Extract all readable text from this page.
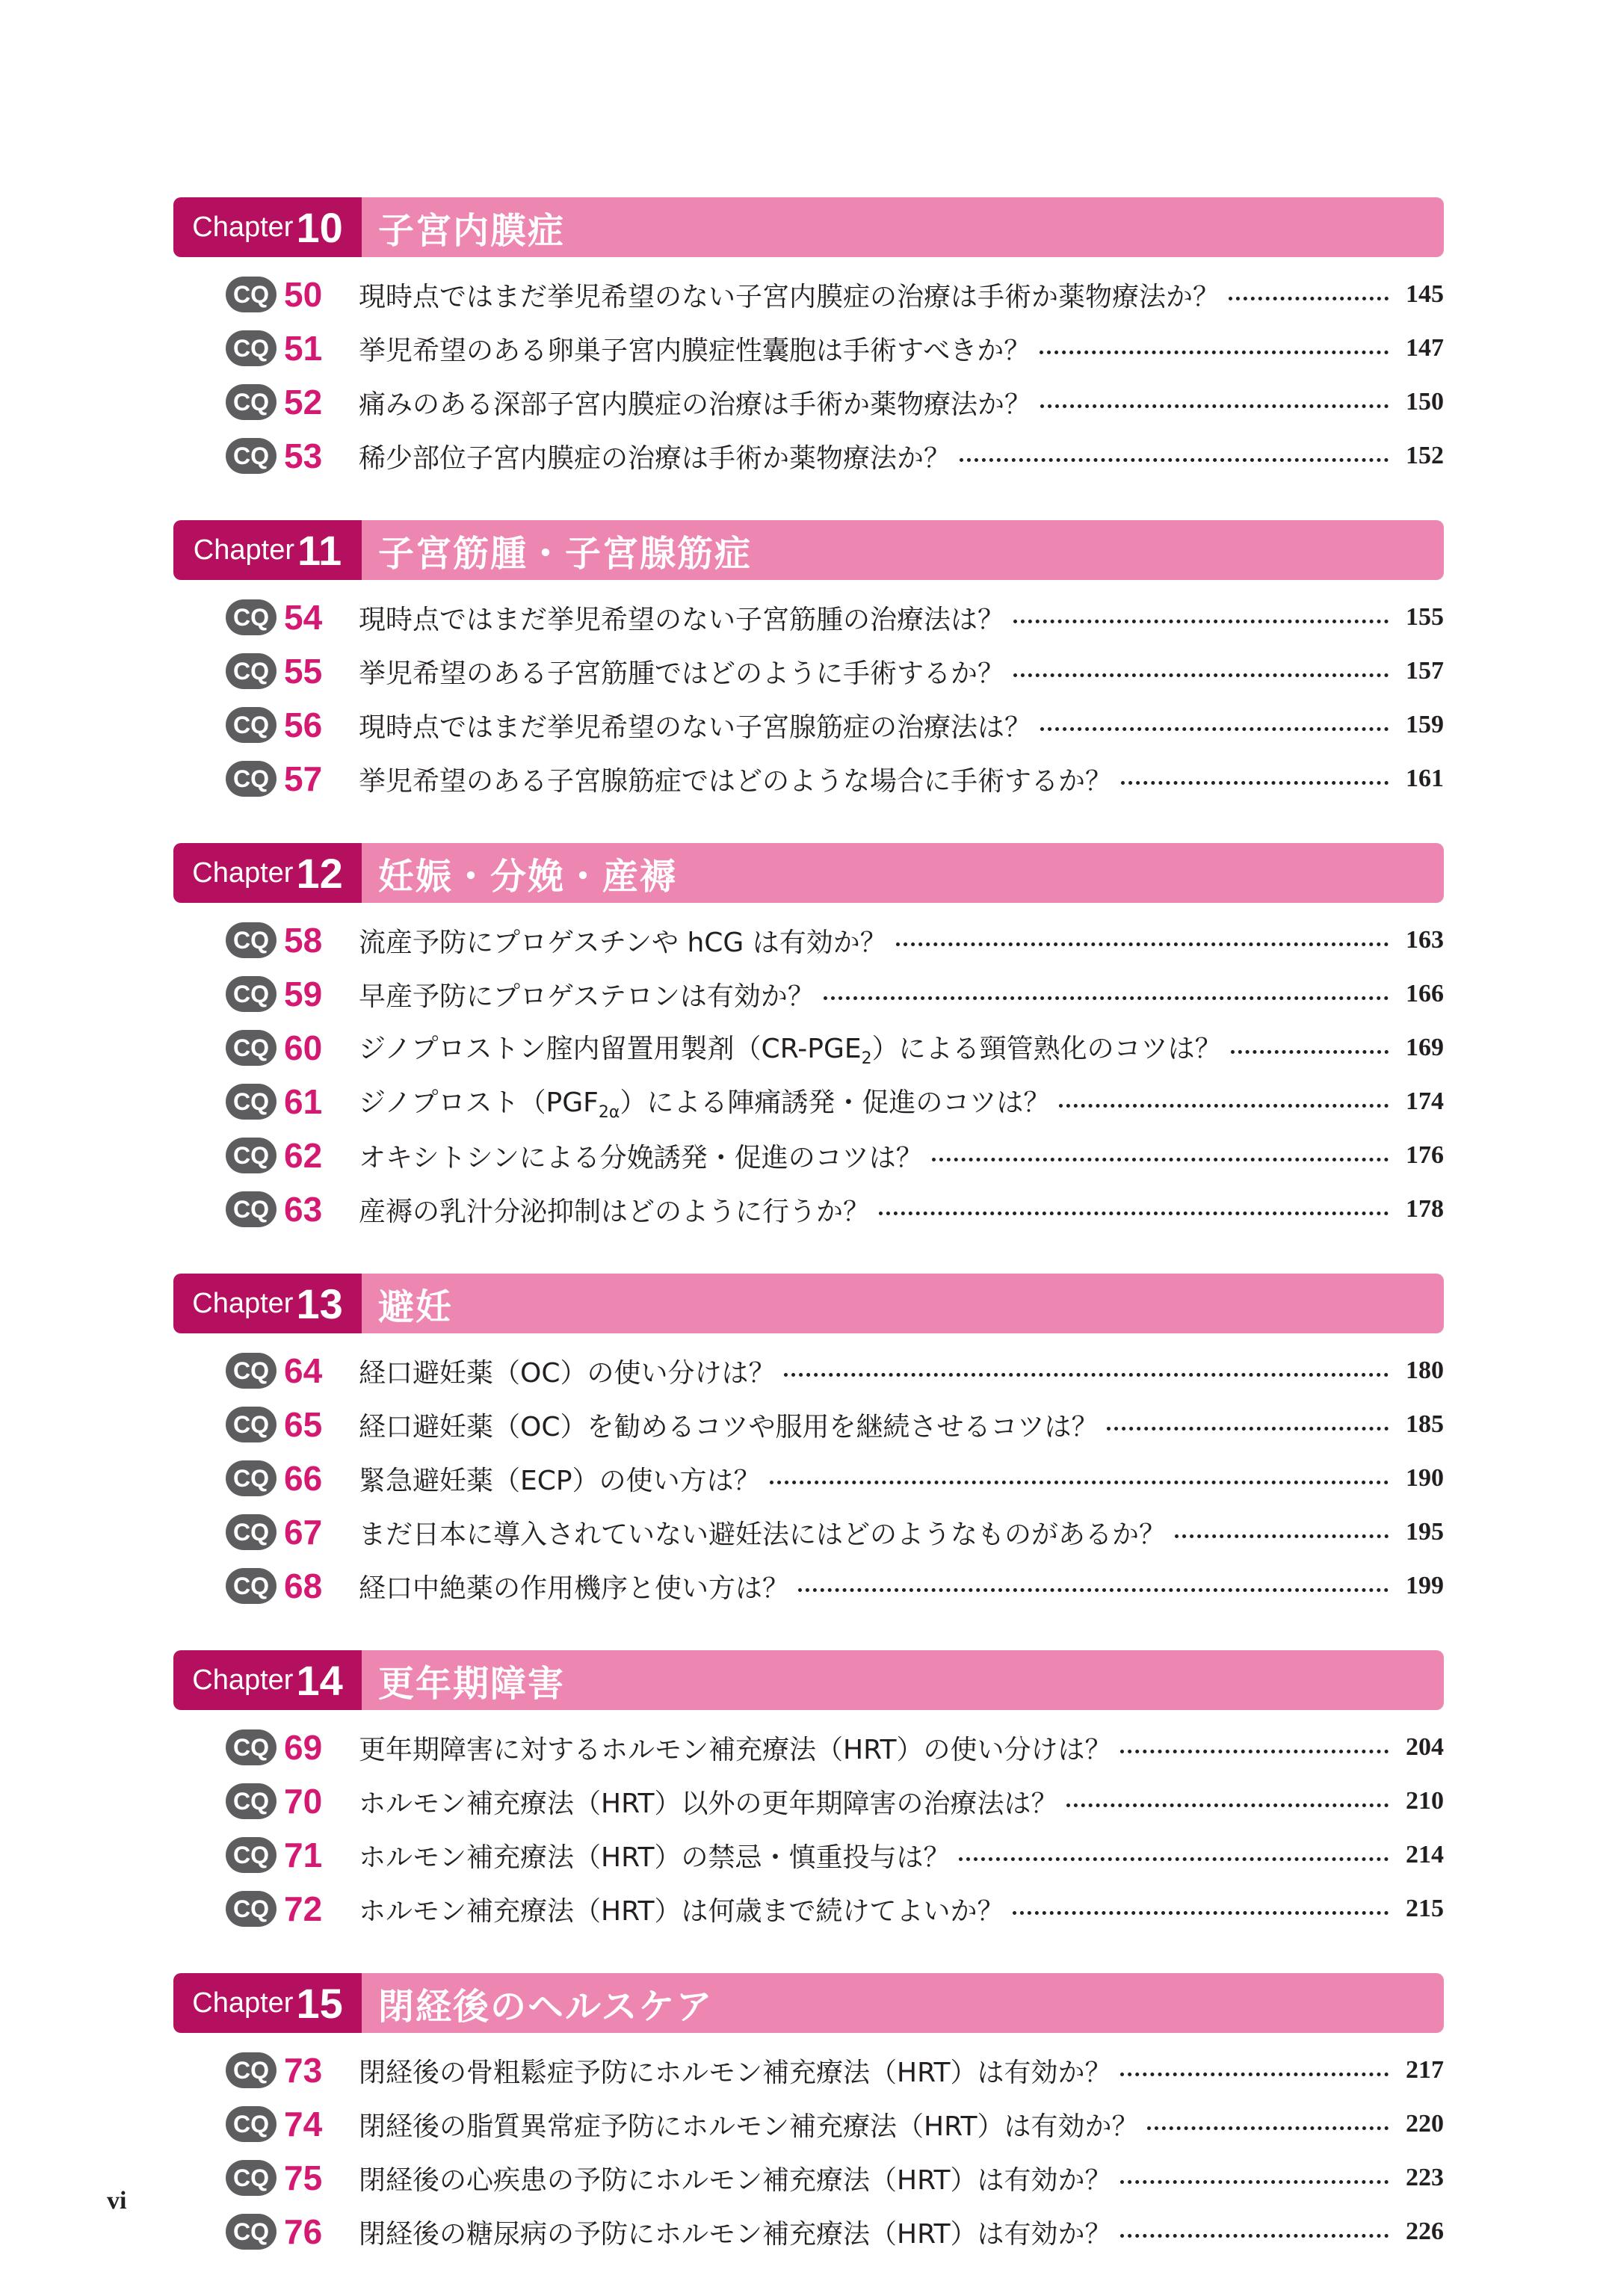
Chapter 10 子宮内膜症
CQ 50	現時点ではまだ挙児希望のない子宮内膜症の治療は手術か薬物療法か？	145
CQ 51	挙児希望のある卵巣子宮内膜症性囊胞は手術すべきか？	147
CQ 52	痛みのある深部子宮内膜症の治療は手術か薬物療法か？	150
CQ 53	稀少部位子宮内膜症の治療は手術か薬物療法か？	152
Chapter 11 子宮筋腫・子宮腺筋症
CQ 54	現時点ではまだ挙児希望のない子宮筋腫の治療法は？	155
CQ 55	挙児希望のある子宮筋腫ではどのように手術するか？	157
CQ 56	現時点ではまだ挙児希望のない子宮腺筋症の治療法は？	159
CQ 57	挙児希望のある子宮腺筋症ではどのような場合に手術するか？	161
Chapter 12 妊娠・分娩・産褥
CQ 58	流産予防にプロゲスチンや hCG は有効か？	163
CQ 59	早産予防にプロゲステロンは有効か？	166
CQ 60	ジノプロストン腟内留置用製剤$(CR-PGE_2)$による頸管熟化のコツは？	169
CQ 61	ジノプロスト$(PGF_{2\alpha})$による陣痛誘発・促進のコツは？	174
CQ 62	オキシトシンによる分娩誘発・促進のコツは？	176
CQ 63	産褥の乳汁分泌抑制はどのように行うか？	178
Chapter 13 避妊
CQ 64	経口避妊薬（OC）の使い分けは？	180
CQ 65	経口避妊薬（OC）を勧めるコツや服用を継続させるコツは？	185
CQ 66	緊急避妊薬（ECP）の使い方は？	190
CQ 67	まだ日本に導入されていない避妊法にはどのようなものがあるか？	195
CQ 68	経口中絶薬の作用機序と使い方は？	199
Chapter 14 更年期障害
CQ 69	更年期障害に対するホルモン補充療法（HRT）の使い分けは？	204
CQ 70	ホルモン補充療法（HRT）以外の更年期障害の治療法は？	210
CQ 71	ホルモン補充療法（HRT）の禁忌・慎重投与は？	214
CQ 72	ホルモン補充療法（HRT）は何歳まで続けてよいか？	215
Chapter 15 閉経後のヘルスケア
CQ 73	閉経後の骨粗鬆症予防にホルモン補充療法（HRT）は有効か？	217
CQ 74	閉経後の脂質異常症予防にホルモン補充療法（HRT）は有効か？	220
CQ 75	閉経後の心疾患の予防にホルモン補充療法（HRT）は有効か？	223
CQ 76	閉経後の糖尿病の予防にホルモン補充療法（HRT）は有効か？	226
vi
